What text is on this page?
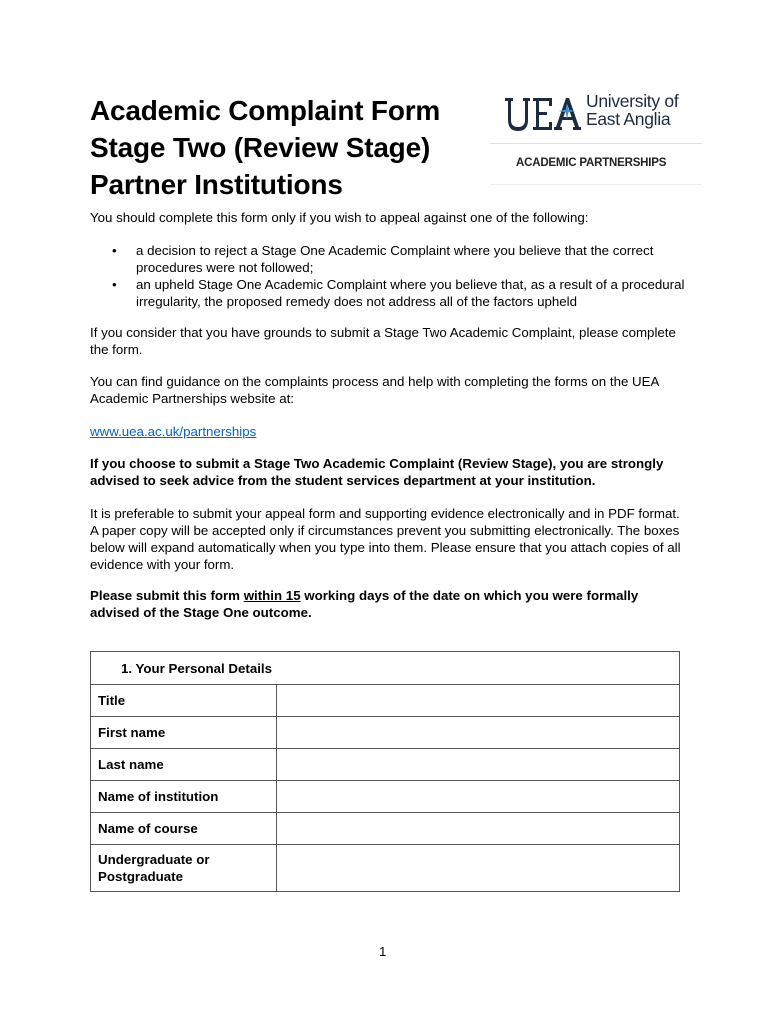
Academic Complaint Form
Stage Two (Review Stage)
Partner Institutions
University of
East Anglia
ACADEMIC PARTNERSHIPS
You should complete this form only if you wish to appeal against one of the following:
• a decision to reject a Stage One Academic Complaint where you believe that the correct procedures were not followed;
• an upheld Stage One Academic Complaint where you believe that, as a result of a procedural irregularity, the proposed remedy does not address all of the factors upheld
If you consider that you have grounds to submit a Stage Two Academic Complaint, please complete the form.
You can find guidance on the complaints process and help with completing the forms on the UEA Academic Partnerships website at:
www.uea.ac.uk/partnerships
If you choose to submit a Stage Two Academic Complaint (Review Stage), you are strongly advised to seek advice from the student services department at your institution.
It is preferable to submit your appeal form and supporting evidence electronically and in PDF format. A paper copy will be accepted only if circumstances prevent you submitting electronically. The boxes below will expand automatically when you type into them. Please ensure that you attach copies of all evidence with your form.
Please submit this form within 15 working days of the date on which you were formally advised of the Stage One outcome.
1. Your Personal Details	
Title	
First name	
Last name	
Name of institution	
Name of course	
Undergraduate or Postgraduate	
1
